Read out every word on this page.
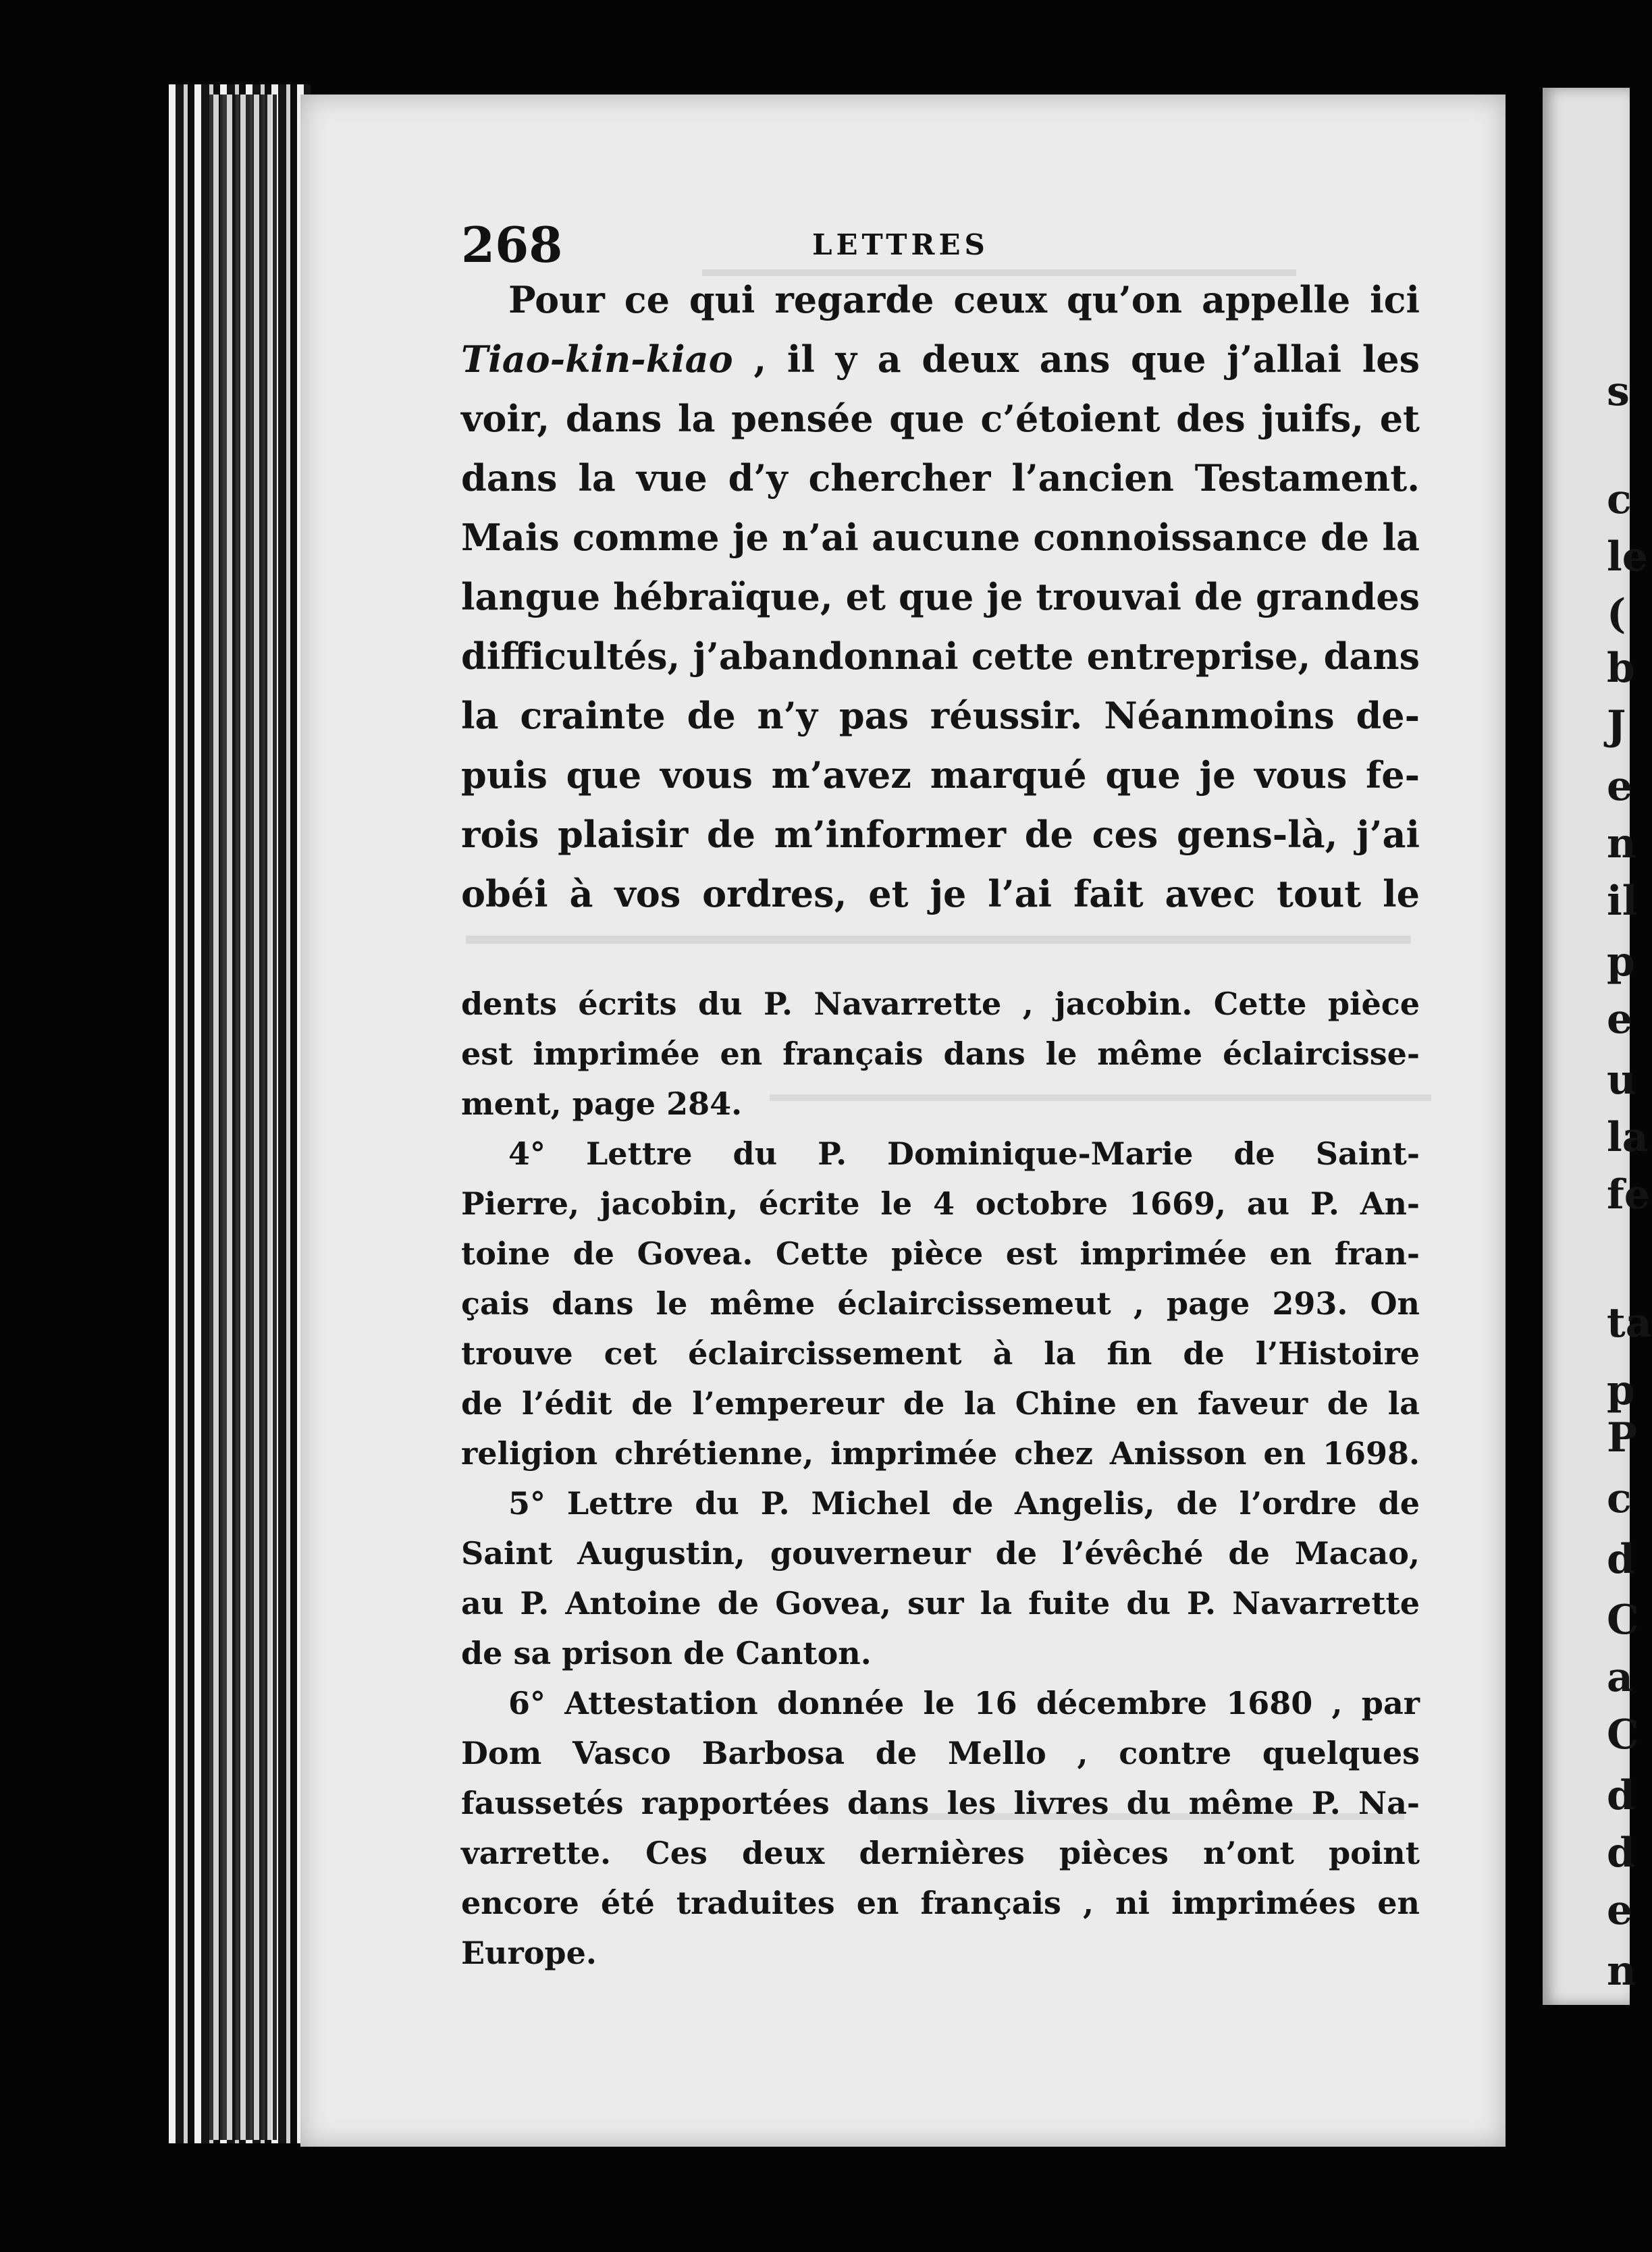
s
c
le
(
b
J
e
n
il
p
e
u
la
fe
ta
p
P
c
d
C
a
C
d
d
e
n
268	LETTRES
Pour ce qui regarde ceux qu’on appelle ici
Tiao-kin-kiao , il y a deux ans que j’allai les
voir, dans la pensée que c’étoient des juifs, et
dans la vue d’y chercher l’ancien Testament.
Mais comme je n’ai aucune connoissance de la
langue hébraïque, et que je trouvai de grandes
difficultés, j’abandonnai cette entreprise, dans
la crainte de n’y pas réussir. Néanmoins de-
puis que vous m’avez marqué que je vous fe-
rois plaisir de m’informer de ces gens-là, j’ai
obéi à vos ordres, et je l’ai fait avec tout le
dents écrits du P. Navarrette , jacobin. Cette pièce
est imprimée en français dans le même éclaircisse-
ment, page 284.
4° Lettre du P. Dominique-Marie de Saint-
Pierre, jacobin, écrite le 4 octobre 1669, au P. An-
toine de Govea. Cette pièce est imprimée en fran-
çais dans le même éclaircissemeut , page 293. On
trouve cet éclaircissement à la fin de l’Histoire
de l’édit de l’empereur de la Chine en faveur de la
religion chrétienne, imprimée chez Anisson en 1698.
5° Lettre du P. Michel de Angelis, de l’ordre de
Saint Augustin, gouverneur de l’évêché de Macao,
au P. Antoine de Govea, sur la fuite du P. Navarrette
de sa prison de Canton.
6° Attestation donnée le 16 décembre 1680 , par
Dom Vasco Barbosa de Mello , contre quelques
faussetés rapportées dans les livres du même P. Na-
varrette. Ces deux dernières pièces n’ont point
encore été traduites en français , ni imprimées en
Europe.
